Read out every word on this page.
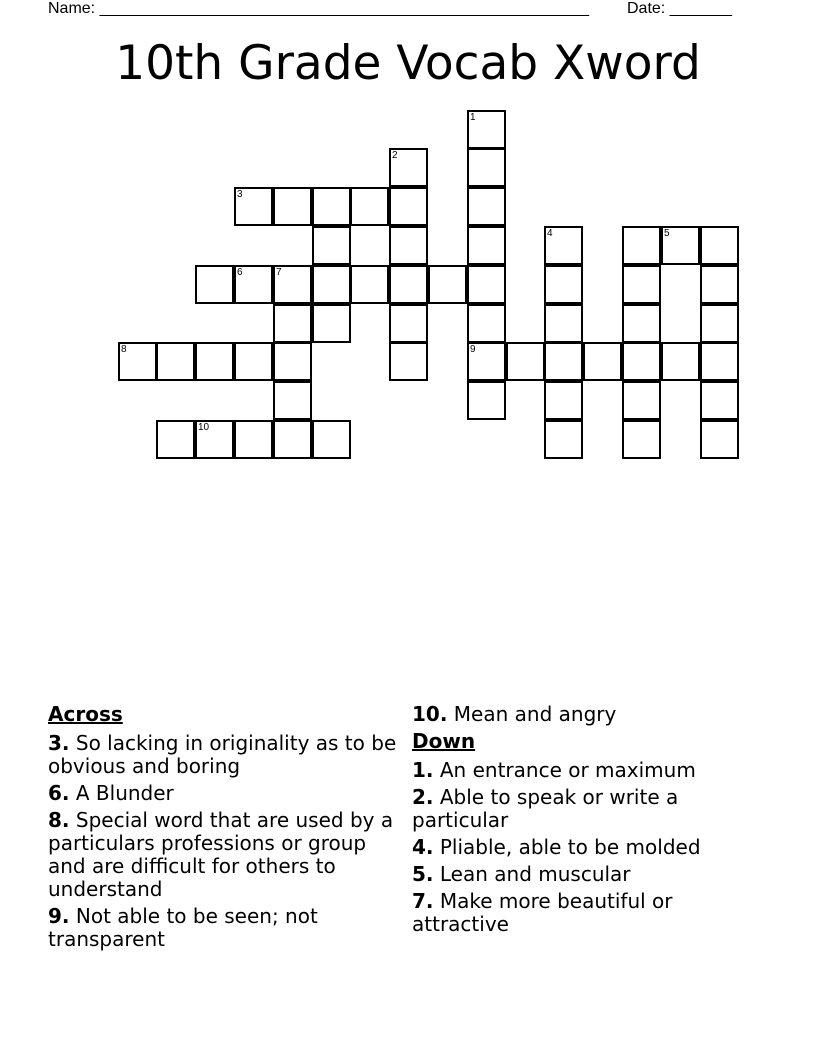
Name: _______________________________________________________ Date: _______
10th Grade Vocab Xword
1
9
2
3
6	7
8
10
4	5
Across
3. So lacking in originality as to be obvious and boring
6. A Blunder
8. Special word that are used by a particulars professions or group and are difficult for others to understand
9. Not able to be seen; not transparent
10. Mean and angry
Down
1. An entrance or maximum
2. Able to speak or write a particular
4. Pliable, able to be molded
5. Lean and muscular
7. Make more beautiful or attractive
